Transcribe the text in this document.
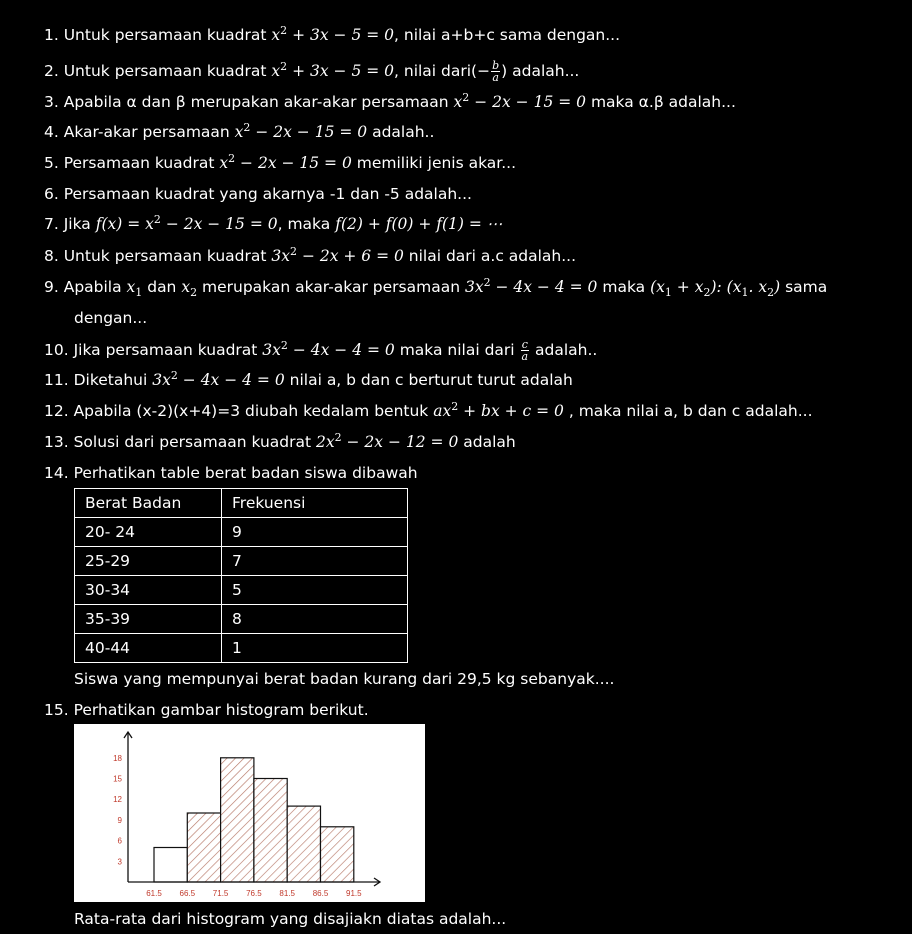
1. Untuk persamaan kuadrat $x^2 + 3x - 5 = 0$, nilai a+b+c sama dengan...
2. Untuk persamaan kuadrat $x^2 + 3x - 5 = 0$, nilai dari(− $\frac{b}{a}$ ) adalah...
3. Apabila α dan β merupakan akar-akar persamaan $x^2 - 2x - 15 = 0$ maka α.β adalah...
4. Akar-akar persamaan $x^2 - 2x - 15 = 0$ adalah..
5. Persamaan kuadrat $x^2 - 2x - 15 = 0$ memiliki jenis akar...
6. Persamaan kuadrat yang akarnya -1 dan -5 adalah...
7. Jika $f(x) = x^2 - 2x - 15 = 0$, maka f(2) + f(0) + f(1) = ⋯
8. Untuk persamaan kuadrat $3x^2 - 2x + 6 = 0$ nilai dari a.c adalah...
9. Apabila $x_1$ dan $x_2$ merupakan akar-akar persamaan $3x^2 - 4x - 4 = 0$ maka $(x_1 + x_2)$: ($x_1$. $x_2$) sama
dengan...
10. Jika persamaan kuadrat $3x^2 - 4x - 4 = 0$ maka nilai dari $\frac{c}{a}$ adalah..
11. Diketahui $3x^2 - 4x - 4 = 0$ nilai a, b dan c berturut turut adalah
12. Apabila (x-2)(x+4)=3 diubah kedalam bentuk $ax^2$ + bx + c = 0 , maka nilai a, b dan c adalah...
13. Solusi dari persamaan kuadrat $2x^2 - 2x - 12 = 0$ adalah
14. Perhatikan table berat badan siswa dibawah
Berat Badan	Frekuensi
20- 24	9
25-29	7
30-34	5
35-39	8
40-44	1
Siswa yang mempunyai berat badan kurang dari 29,5 kg sebanyak....
15. Perhatikan gambar histogram berikut.
3
6
9
12
15
18
61.5 66.5 71.5 76.5 81.5 86.5 91.5
Rata-rata dari histogram yang disajiakn diatas adalah...
